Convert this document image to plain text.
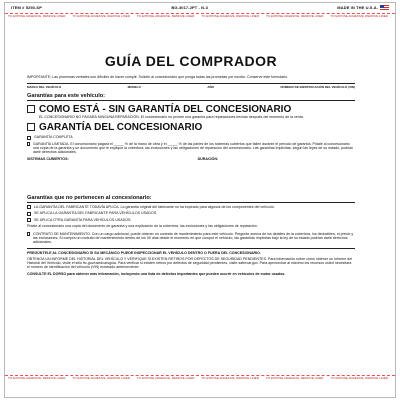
ITEM # 5250-SP	BG-3017-2PT - N-3	MADE IN THE U.S.A.
TO EXPOSE ADHESIVE, REMOVE LINER TO EXPOSE ADHESIVE, REMOVE LINER TO EXPOSE ADHESIVE, REMOVE LINER TO EXPOSE ADHESIVE, REMOVE LINER TO EXPOSE ADHESIVE, REMOVE LINER TO EXPOSE ADHESIVE, REMOVE LINER
GUÍA DEL COMPRADOR
IMPORTANTE: Las promesas verbales son difíciles de hacer cumplir. Solicite al concesionario que ponga todas las promesas por escrito. Conserve este formulario.
MARCA DEL VEHÍCULO	MODELO	AÑO	NÚMERO DE IDENTIFICACIÓN DEL VEHÍCULO (VIN)
Garantías para este vehículo:
COMO ESTÁ - SIN GARANTÍA DEL CONCESIONARIO
EL CONCESIONARIO NO PAGARÁ NINGUNA REPARACIÓN. El concesionario no provee una garantía para reparaciones hechas después del momento de la venta.
GARANTÍA DEL CONCESIONARIO
GARANTÍA COMPLETA
GARANTÍA LIMITADA. El concesionario pagará el _____ % de la mano de obra y el _____ % de las partes de los sistemas cubiertos que fallen durante el período de garantía. Pídale al concesionario una copia de la garantía y un documento que le explique la cobertura, las exclusiones y las obligaciones de reparación del concesionario. Las garantías implícitas, según las leyes de su estado, podrían darle derechos adicionales.
SISTEMAS CUBIERTOS:	DURACIÓN:
Garantías que no pertenecen al concesionario:
LA GARANTÍA DEL FABRICANTE TODAVÍA APLICA. La garantía original del fabricante no ha expirado para algunos de los componentes del vehículo.
SE APLICA LA GARANTÍA DEL FABRICANTE PARA VEHÍCULOS USADOS.
SE APLICA OTRA GARANTÍA PARA VEHÍCULOS USADOS.
Pídale al concesionario una copia del documento de garantía y una explicación de la cobertura, las exclusiones y las obligaciones de reparación.
CONTRATO DE MANTENIMIENTO. Con un cargo adicional, puede obtener un contrato de mantenimiento para este vehículo. Pregunte acerca de los detalles de la cobertura, los deducibles, el precio y las exclusiones. Si compra un contrato de mantenimiento dentro de los 90 días desde el momento en que compró el vehículo, las garantías implícitas bajo la ley de su estado podrían darle derechos adicionales.
PREGÚNTELE AL CONCESIONARIO SI SU MECÁNICO PUEDE INSPECCIONAR EL VEHÍCULO DENTRO O FUERA DEL CONCESIONARIO.
OBTENGA UN INFORME DEL HISTORIAL DEL VEHÍCULO Y VERIFIQUE SI EXISTEN RETIROS POR DEFECTOS DE SEGURIDAD PENDIENTES. Para información sobre cómo obtener un Informe del Historial del Vehículo, visite el sitio ftc.gov/usedcarsguia. Para verificar si existen retiros por defectos de seguridad pendientes, visite safercar.gov. Para aprovechar al máximo los recursos usted necesitará el número de identificación del vehículo (VIN) mostrado anteriormente.
CONSULTE EL DORSO para obtener más información, incluyendo una lista de defectos importantes que pueden ocurrir en vehículos de motor usados.
TO EXPOSE ADHESIVE, REMOVE LINER TO EXPOSE ADHESIVE, REMOVE LINER TO EXPOSE ADHESIVE, REMOVE LINER TO EXPOSE ADHESIVE, REMOVE LINER TO EXPOSE ADHESIVE, REMOVE LINER TO EXPOSE ADHESIVE, REMOVE LINER
